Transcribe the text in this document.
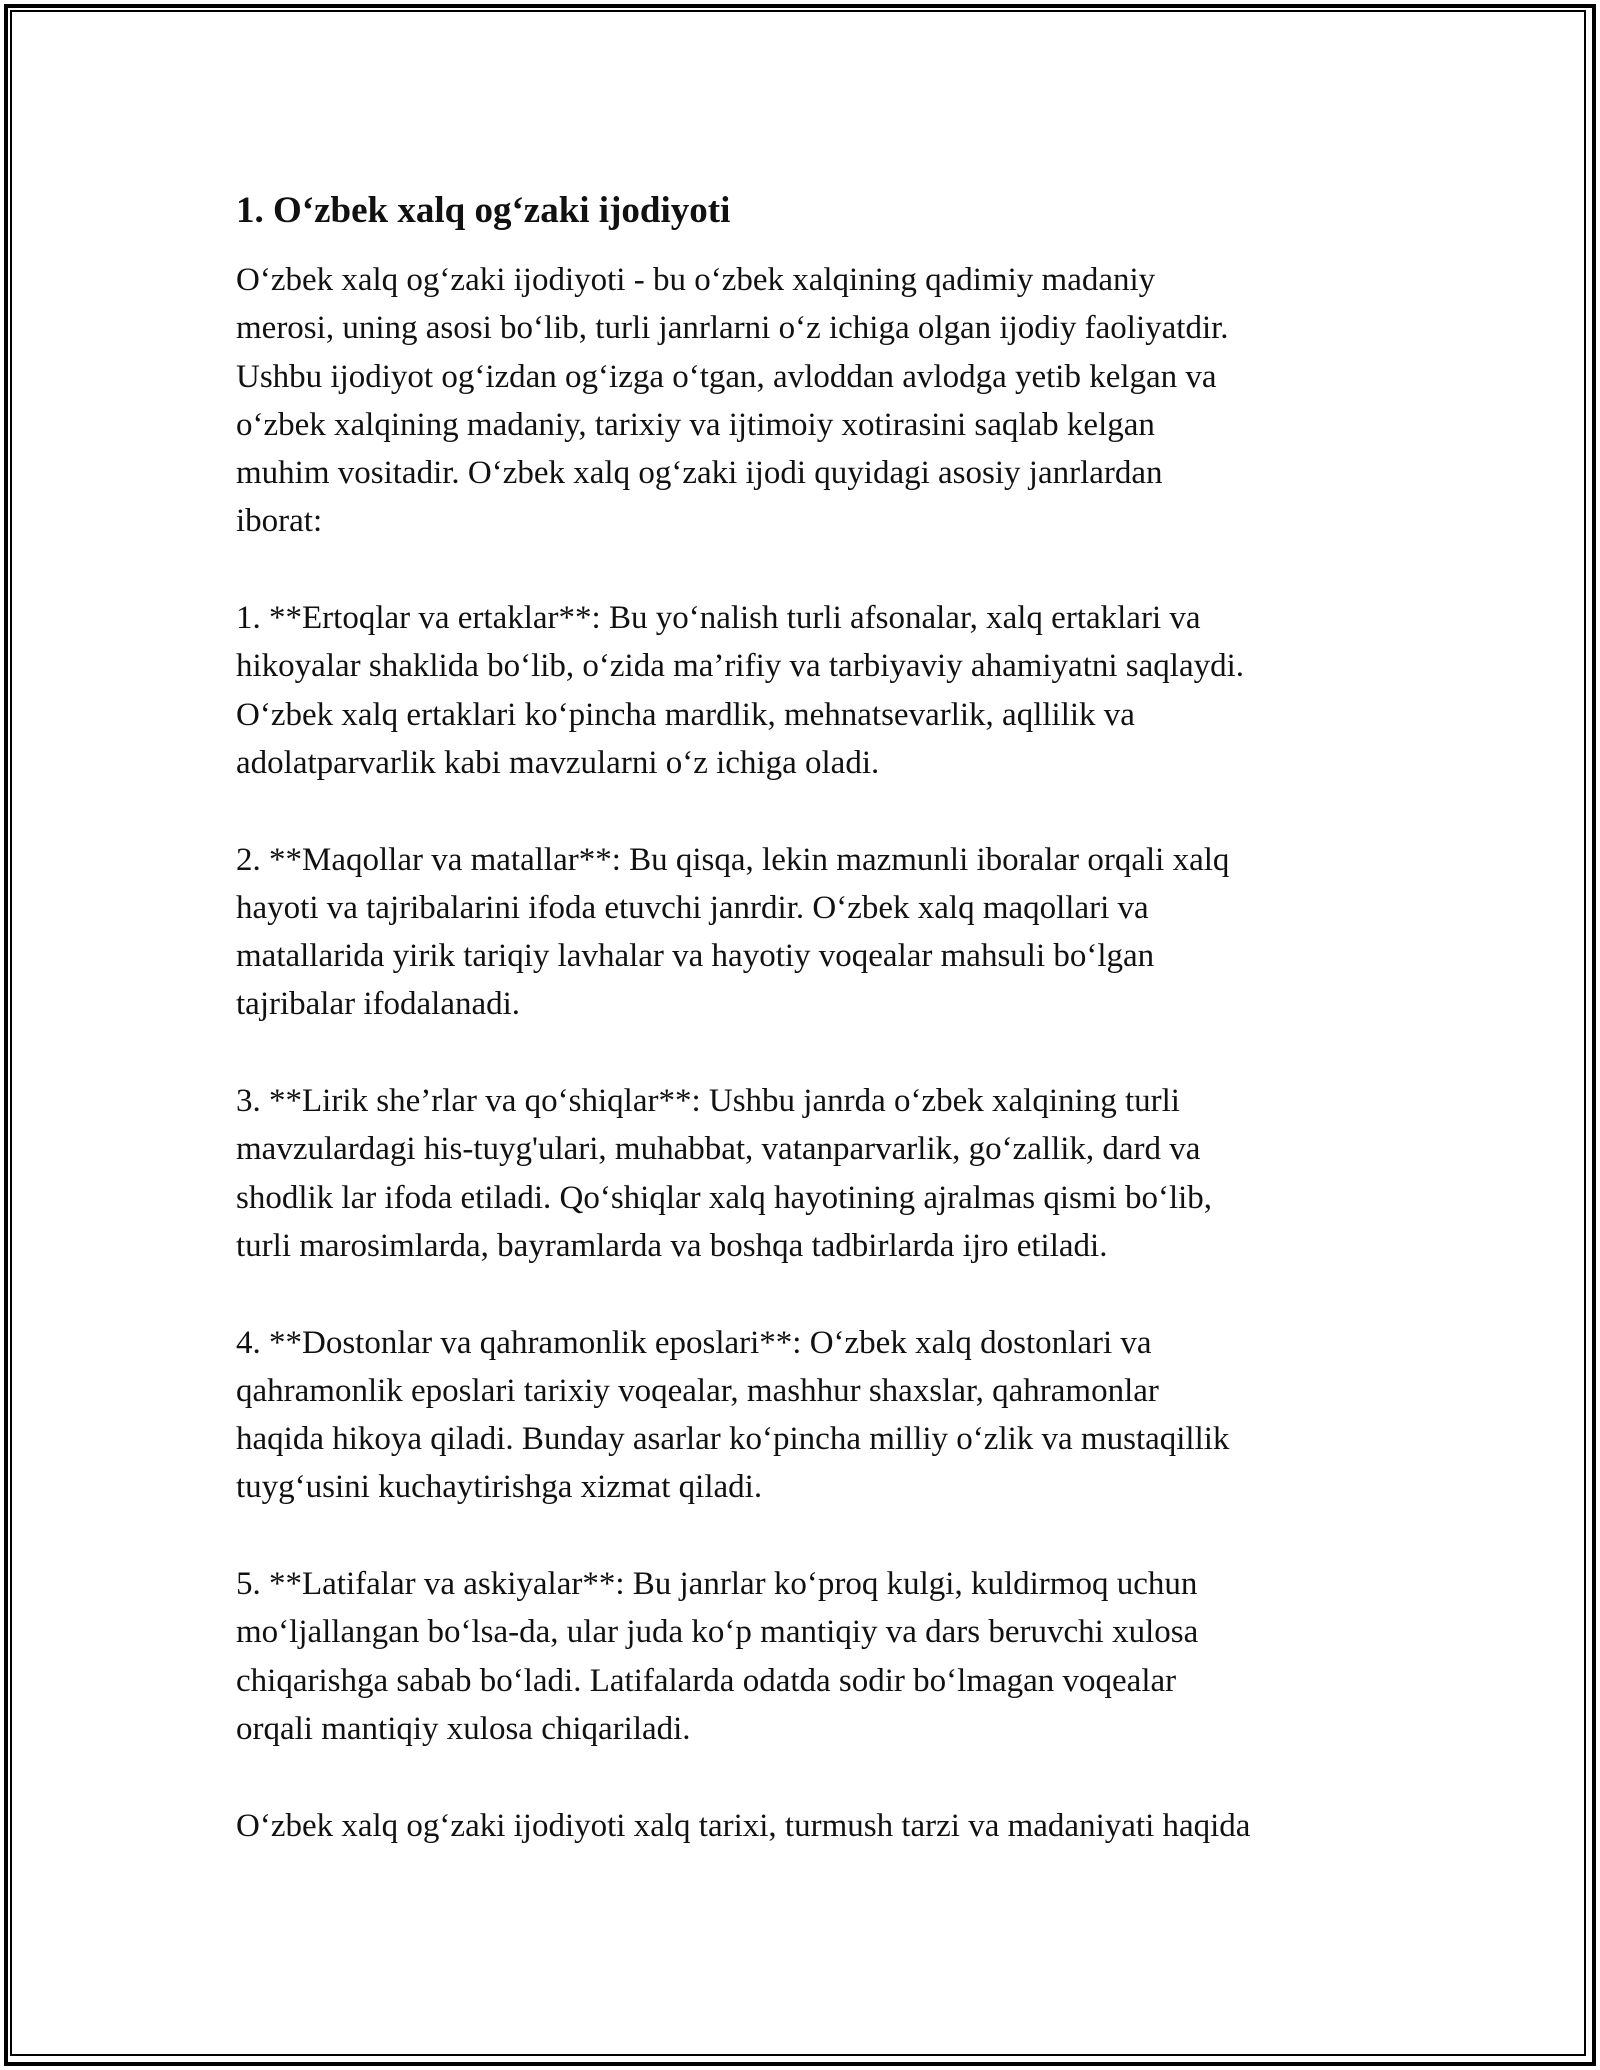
1. O‘zbek xalq og‘zaki ijodiyoti

O‘zbek xalq og‘zaki ijodiyoti - bu o‘zbek xalqining qadimiy madaniy
merosi, uning asosi bo‘lib, turli janrlarni o‘z ichiga olgan ijodiy faoliyatdir.
Ushbu ijodiyot og‘izdan og‘izga o‘tgan, avloddan avlodga yetib kelgan va
o‘zbek xalqining madaniy, tarixiy va ijtimoiy xotirasini saqlab kelgan
muhim vositadir. O‘zbek xalq og‘zaki ijodi quyidagi asosiy janrlardan
iborat:

1. **Ertoqlar va ertaklar**: Bu yo‘nalish turli afsonalar, xalq ertaklari va
hikoyalar shaklida bo‘lib, o‘zida ma’rifiy va tarbiyaviy ahamiyatni saqlaydi.
O‘zbek xalq ertaklari ko‘pincha mardlik, mehnatsevarlik, aqllilik va
adolatparvarlik kabi mavzularni o‘z ichiga oladi.

2. **Maqollar va matallar**: Bu qisqa, lekin mazmunli iboralar orqali xalq
hayoti va tajribalarini ifoda etuvchi janrdir. O‘zbek xalq maqollari va
matallarida yirik tariqiy lavhalar va hayotiy voqealar mahsuli bo‘lgan
tajribalar ifodalanadi.

3. **Lirik she’rlar va qo‘shiqlar**: Ushbu janrda o‘zbek xalqining turli
mavzulardagi his-tuyg'ulari, muhabbat, vatanparvarlik, go‘zallik, dard va
shodlik lar ifoda etiladi. Qo‘shiqlar xalq hayotining ajralmas qismi bo‘lib,
turli marosimlarda, bayramlarda va boshqa tadbirlarda ijro etiladi.

4. **Dostonlar va qahramonlik eposlari**: O‘zbek xalq dostonlari va
qahramonlik eposlari tarixiy voqealar, mashhur shaxslar, qahramonlar
haqida hikoya qiladi. Bunday asarlar ko‘pincha milliy o‘zlik va mustaqillik
tuyg‘usini kuchaytirishga xizmat qiladi.

5. **Latifalar va askiyalar**: Bu janrlar ko‘proq kulgi, kuldirmoq uchun
mo‘ljallangan bo‘lsa-da, ular juda ko‘p mantiqiy va dars beruvchi xulosa
chiqarishga sabab bo‘ladi. Latifalarda odatda sodir bo‘lmagan voqealar
orqali mantiqiy xulosa chiqariladi.

O‘zbek xalq og‘zaki ijodiyoti xalq tarixi, turmush tarzi va madaniyati haqida
